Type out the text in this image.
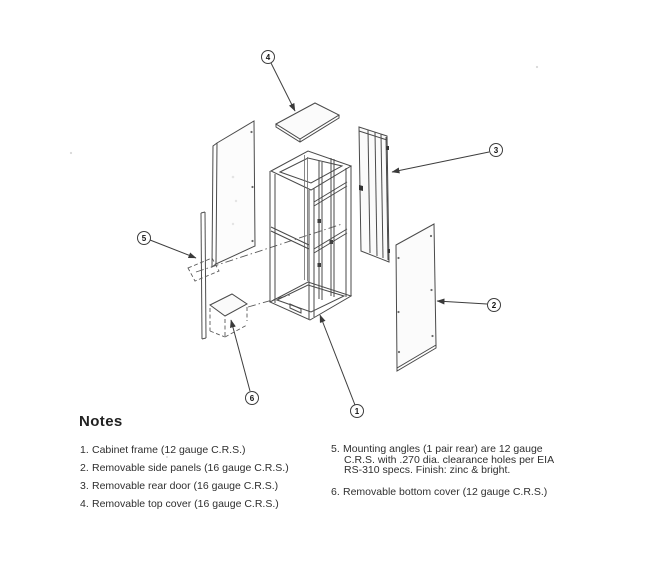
4
3
2
1
5
6
Notes
1. Cabinet frame (12 gauge C.R.S.)
2. Removable side panels (16 gauge C.R.S.)
3. Removable rear door (16 gauge C.R.S.)
4. Removable top cover (16 gauge C.R.S.)
5. Mounting angles (1 pair rear) are 12 gauge
C.R.S. with .270 dia. clearance holes per EIA
RS-310 specs. Finish: zinc & bright.
6. Removable bottom cover (12 gauge C.R.S.)
